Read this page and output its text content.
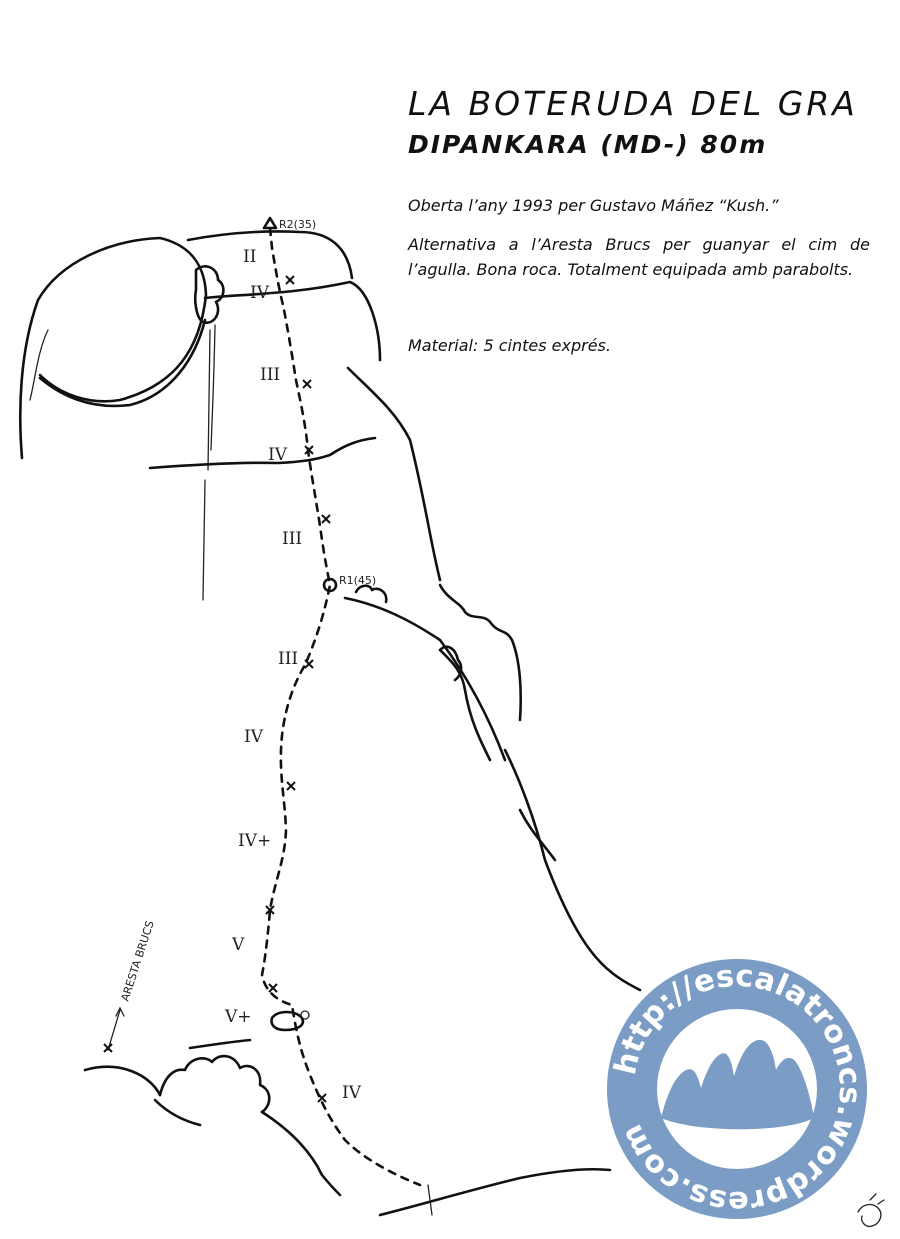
R2(35)
R1(45)
II
IV-
III
IV
III
III
IV
IV+
V
V+
IV
ARESTA BRUCS
LA BOTERUDA DEL GRA
DIPANKARA (MD-) 80m

Oberta l’any 1993 per Gustavo Máñez “Kush.”

Alternativa a l’Aresta Brucs per guanyar el cim de l’agulla. Bona roca. Totalment equipada amb parabolts.

Material: 5 cintes exprés.

http://escalatroncs.wordpress.com
